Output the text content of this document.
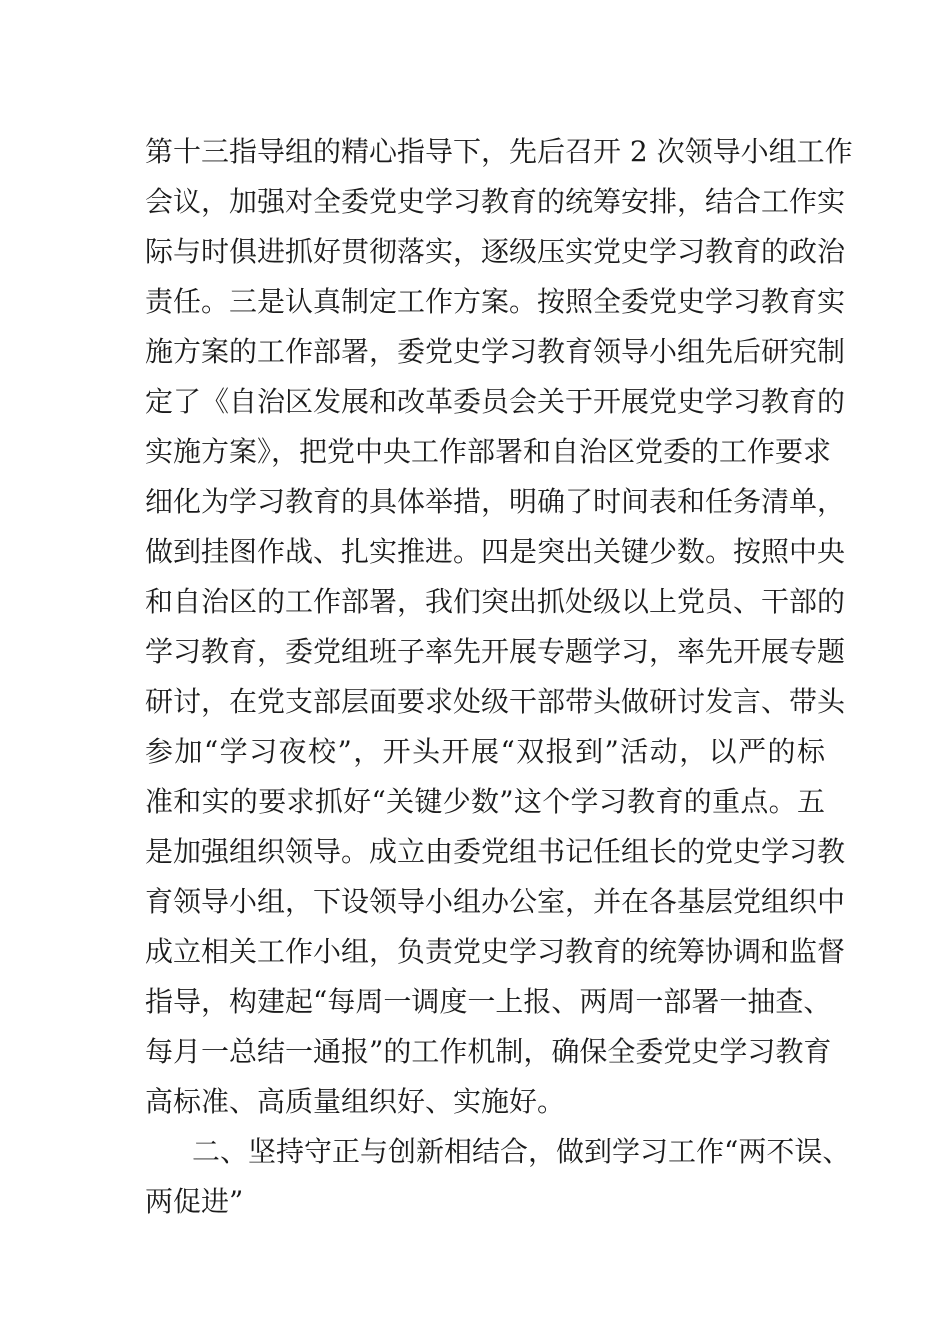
第十三指导组的精心指导下，先后召开 2 次领导小组工作
会议，加强对全委党史学习教育的统筹安排，结合工作实
际与时俱进抓好贯彻落实，逐级压实党史学习教育的政治
责任。三是认真制定工作方案。按照全委党史学习教育实
施方案的工作部署，委党史学习教育领导小组先后研究制
定了《自治区发展和改革委员会关于开展党史学习教育的
实施方案》，把党中央工作部署和自治区党委的工作要求
细化为学习教育的具体举措，明确了时间表和任务清单，
做到挂图作战、扎实推进。四是突出关键少数。按照中央
和自治区的工作部署，我们突出抓处级以上党员、干部的
学习教育，委党组班子率先开展专题学习，率先开展专题
研讨，在党支部层面要求处级干部带头做研讨发言、带头
参加“学习夜校”，开头开展“双报到”活动，以严的标
准和实的要求抓好“关键少数”这个学习教育的重点。五
是加强组织领导。成立由委党组书记任组长的党史学习教
育领导小组，下设领导小组办公室，并在各基层党组织中
成立相关工作小组，负责党史学习教育的统筹协调和监督
指导，构建起“每周一调度一上报、两周一部署一抽查、
每月一总结一通报”的工作机制，确保全委党史学习教育
高标准、高质量组织好、实施好。
二、坚持守正与创新相结合，做到学习工作“两不误、
两促进”
